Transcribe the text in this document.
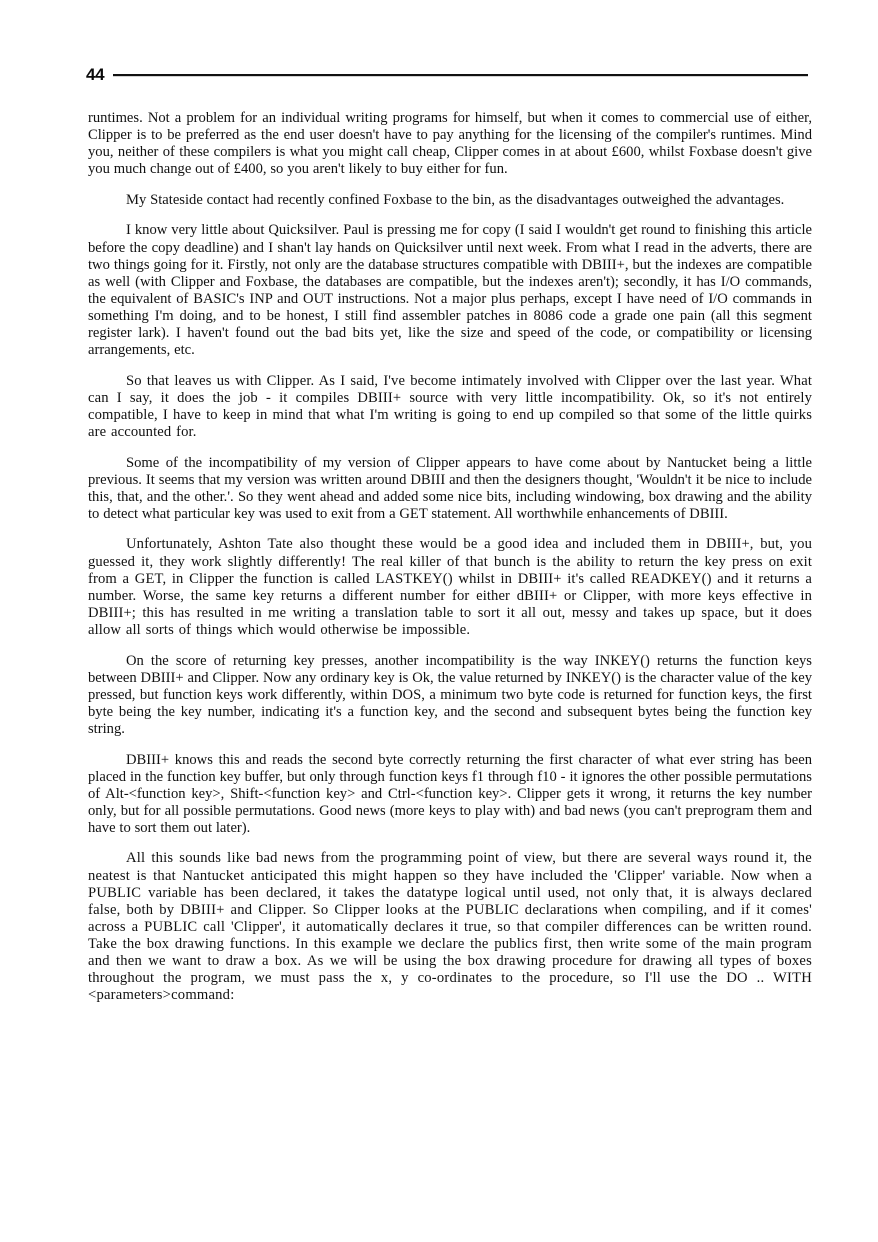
44

runtimes. Not a problem for an individual writing programs for himself, but when it comes to commercial use of either, Clipper is to be preferred as the end user doesn't have to pay anything for the licensing of the compiler's runtimes. Mind you, neither of these compilers is what you might call cheap, Clipper comes in at about £600, whilst Foxbase doesn't give you much change out of £400, so you aren't likely to buy either for fun.

My Stateside contact had recently confined Foxbase to the bin, as the disadvantages outweighed the advantages.

I know very little about Quicksilver. Paul is pressing me for copy (I said I wouldn't get round to finishing this article before the copy deadline) and I shan't lay hands on Quicksilver until next week. From what I read in the adverts, there are two things going for it. Firstly, not only are the database structures compatible with DBIII+, but the indexes are compatible as well (with Clipper and Foxbase, the databases are compatible, but the indexes aren't); secondly, it has I/O commands, the equivalent of BASIC's INP and OUT instructions. Not a major plus perhaps, except I have need of I/O commands in something I'm doing, and to be honest, I still find assembler patches in 8086 code a grade one pain (all this segment register lark). I haven't found out the bad bits yet, like the size and speed of the code, or compatibility or licensing arrangements, etc.

So that leaves us with Clipper. As I said, I've become intimately involved with Clipper over the last year. What can I say, it does the job - it compiles DBIII+ source with very little incompatibility. Ok, so it's not entirely compatible, I have to keep in mind that what I'm writing is going to end up compiled so that some of the little quirks are accounted for.

Some of the incompatibility of my version of Clipper appears to have come about by Nantucket being a little previous. It seems that my version was written around DBIII and then the designers thought, 'Wouldn't it be nice to include this, that, and the other.'. So they went ahead and added some nice bits, including windowing, box drawing and the ability to detect what particular key was used to exit from a GET statement. All worthwhile enhancements of DBIII.

Unfortunately, Ashton Tate also thought these would be a good idea and included them in DBIII+, but, you guessed it, they work slightly differently! The real killer of that bunch is the ability to return the key press on exit from a GET, in Clipper the function is called LASTKEY() whilst in DBIII+ it's called READKEY() and it returns a number. Worse, the same key returns a different number for either dBIII+ or Clipper, with more keys effective in DBIII+; this has resulted in me writing a translation table to sort it all out, messy and takes up space, but it does allow all sorts of things which would otherwise be impossible.

On the score of returning key presses, another incompatibility is the way INKEY() returns the function keys between DBIII+ and Clipper. Now any ordinary key is Ok, the value returned by INKEY() is the character value of the key pressed, but function keys work differently, within DOS, a minimum two byte code is returned for function keys, the first byte being the key number, indicating it's a function key, and the second and subsequent bytes being the function key string.

DBIII+ knows this and reads the second byte correctly returning the first character of what ever string has been placed in the function key buffer, but only through function keys f1 through f10 - it ignores the other possible permutations of Alt-<function key>, Shift-<function key> and Ctrl-<function key>. Clipper gets it wrong, it returns the key number only, but for all possible permutations. Good news (more keys to play with) and bad news (you can't preprogram them and have to sort them out later).

All this sounds like bad news from the programming point of view, but there are several ways round it, the neatest is that Nantucket anticipated this might happen so they have included the 'Clipper' variable. Now when a PUBLIC variable has been declared, it takes the datatype logical until used, not only that, it is always declared false, both by DBIII+ and Clipper. So Clipper looks at the PUBLIC declarations when compiling, and if it comes' across a PUBLIC call 'Clipper', it automatically declares it true, so that compiler differences can be written round. Take the box drawing functions. In this example we declare the publics first, then write some of the main program and then we want to draw a box. As we will be using the box drawing procedure for drawing all types of boxes throughout the program, we must pass the x, y co-ordinates to the procedure, so I'll use the DO .. WITH <parameters>command:
